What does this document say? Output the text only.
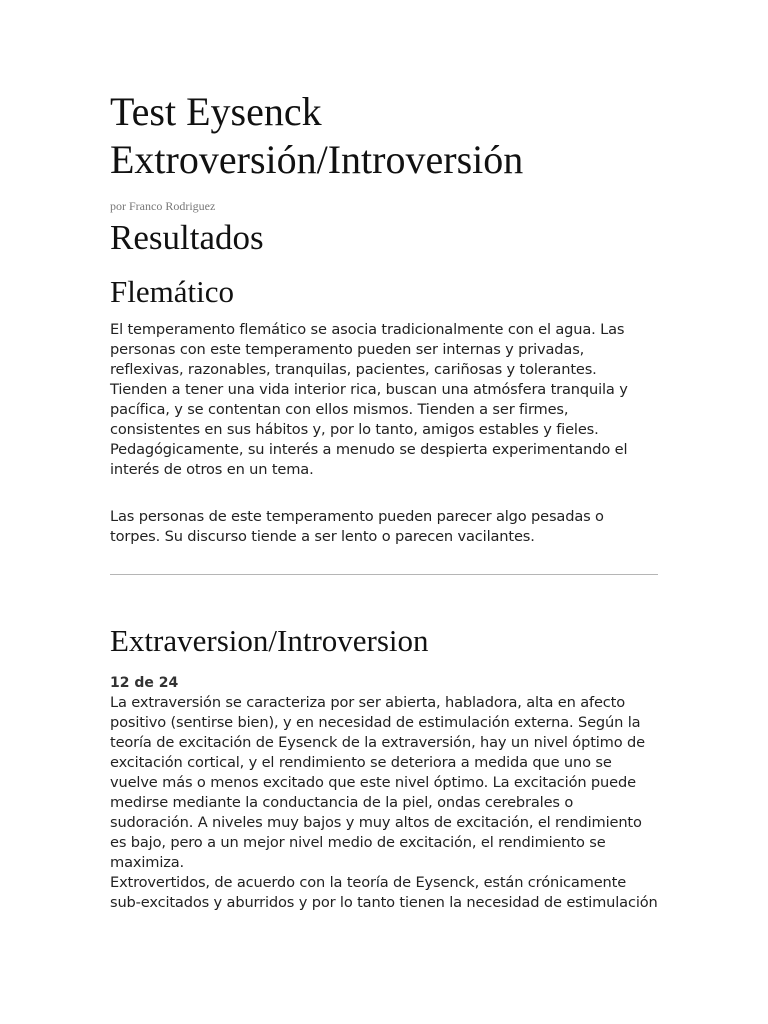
Test Eysenck
Extroversión/Introversión

por Franco Rodriguez

Resultados
Flemático

El temperamento flemático se asocia tradicionalmente con el agua. Las personas con este temperamento pueden ser internas y privadas, reflexivas, razonables, tranquilas, pacientes, cariñosas y tolerantes. Tienden a tener una vida interior rica, buscan una atmósfera tranquila y pacífica, y se contentan con ellos mismos. Tienden a ser firmes, consistentes en sus hábitos y, por lo tanto, amigos estables y fieles.

Pedagógicamente, su interés a menudo se despierta experimentando el interés de otros en un tema.

Las personas de este temperamento pueden parecer algo pesadas o torpes. Su discurso tiende a ser lento o parecen vacilantes.

Extraversion/Introversion

12 de 24

La extraversión se caracteriza por ser abierta, habladora, alta en afecto positivo (sentirse bien), y en necesidad de estimulación externa. Según la teoría de excitación de Eysenck de la extraversión, hay un nivel óptimo de excitación cortical, y el rendimiento se deteriora a medida que uno se vuelve más o menos excitado que este nivel óptimo. La excitación puede medirse mediante la conductancia de la piel, ondas cerebrales o sudoración. A niveles muy bajos y muy altos de excitación, el rendimiento es bajo, pero a un mejor nivel medio de excitación, el rendimiento se maximiza.

Extrovertidos, de acuerdo con la teoría de Eysenck, están crónicamente sub-excitados y aburridos y por lo tanto tienen la necesidad de estimulación
